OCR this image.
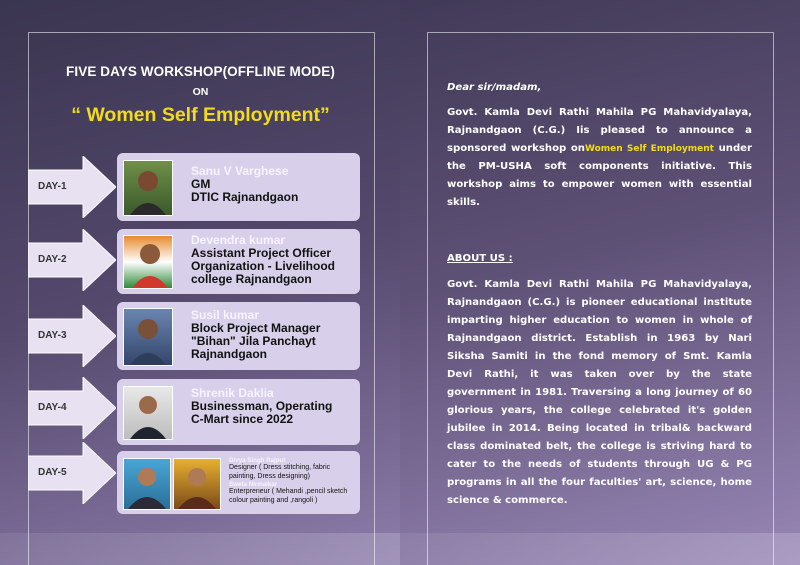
FIVE DAYS WORKSHOP(OFFLINE MODE)
ON
“ Women Self Employment”
DAY-1
DAY-2
DAY-3
DAY-4
DAY-5
Sanu V Varghese
GM
DTIC Rajnandgaon
Devendra kumar
Assistant Project Officer
Organization - Livelihood
college Rajnandgaon
Susil kumar
Block Project Manager
"Bihan" Jila Panchayt
Rajnandgaon
Shrenik Daklia
Businessman, Operating
C-Mart since 2022
Divya Singh Rajput
Designer ( Dress stitching, fabric
painting, Dress designing)
Sweta Nirmalkar
Enterpreneur ( Mehandi ,pencil sketch
colour painting and ,rangoli )
Dear sir/madam,
Govt. Kamla Devi Rathi Mahila PG Mahavidyalaya, Rajnandgaon (C.G.) Iis pleased to announce a sponsored workshop onWomen Self Employment under the PM-USHA soft components initiative. This workshop aims to empower women with essential skills.
ABOUT US :
Govt. Kamla Devi Rathi Mahila PG Mahavidyalaya, Rajnandgaon (C.G.) is pioneer educational institute imparting higher education to women in whole of Rajnandgaon district. Establish in 1963 by Nari Siksha Samiti in the fond memory of Smt. Kamla Devi Rathi, it was taken over by the state government in 1981. Traversing a long journey of 60 glorious years, the college celebrated it's golden jubilee in 2014. Being located in tribal& backward class dominated belt, the college is striving hard to cater to the needs of students through UG & PG programs in all the four faculties' art, science, home science & commerce.
